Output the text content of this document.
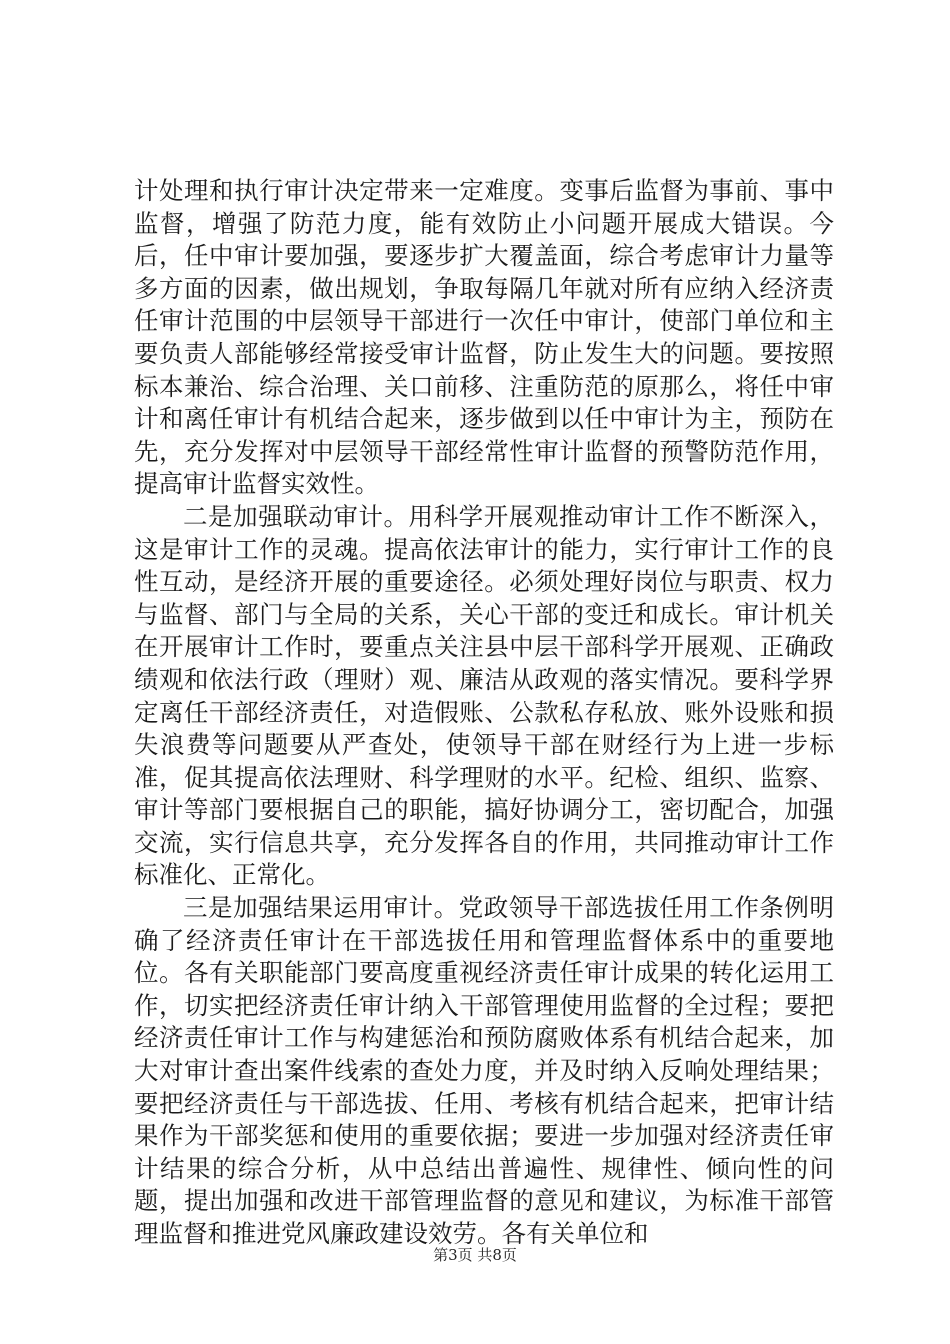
计处理和执行审计决定带来一定难度。变事后监督为事前、事中监督，增强了防范力度，能有效防止小问题开展成大错误。今后，任中审计要加强，要逐步扩大覆盖面，综合考虑审计力量等多方面的因素，做出规划，争取每隔几年就对所有应纳入经济责任审计范围的中层领导干部进行一次任中审计，使部门单位和主要负责人部能够经常接受审计监督，防止发生大的问题。要按照标本兼治、综合治理、关口前移、注重防范的原那么，将任中审计和离任审计有机结合起来，逐步做到以任中审计为主，预防在先，充分发挥对中层领导干部经常性审计监督的预警防范作用，提高审计监督实效性。

二是加强联动审计。用科学开展观推动审计工作不断深入，这是审计工作的灵魂。提高依法审计的能力，实行审计工作的良性互动，是经济开展的重要途径。必须处理好岗位与职责、权力与监督、部门与全局的关系，关心干部的变迁和成长。审计机关在开展审计工作时，要重点关注县中层干部科学开展观、正确政绩观和依法行政（理财）观、廉洁从政观的落实情况。要科学界定离任干部经济责任，对造假账、公款私存私放、账外设账和损失浪费等问题要从严查处，使领导干部在财经行为上进一步标准，促其提高依法理财、科学理财的水平。纪检、组织、监察、审计等部门要根据自己的职能，搞好协调分工，密切配合，加强交流，实行信息共享，充分发挥各自的作用，共同推动审计工作标准化、正常化。

三是加强结果运用审计。党政领导干部选拔任用工作条例明确了经济责任审计在干部选拔任用和管理监督体系中的重要地位。各有关职能部门要高度重视经济责任审计成果的转化运用工作，切实把经济责任审计纳入干部管理使用监督的全过程；要把经济责任审计工作与构建惩治和预防腐败体系有机结合起来，加大对审计查出案件线索的查处力度，并及时纳入反响处理结果；要把经济责任与干部选拔、任用、考核有机结合起来，把审计结果作为干部奖惩和使用的重要依据；要进一步加强对经济责任审计结果的综合分析，从中总结出普遍性、规律性、倾向性的问题，提出加强和改进干部管理监督的意见和建议，为标准干部管理监督和推进党风廉政建设效劳。各有关单位和

第3页 共8页
